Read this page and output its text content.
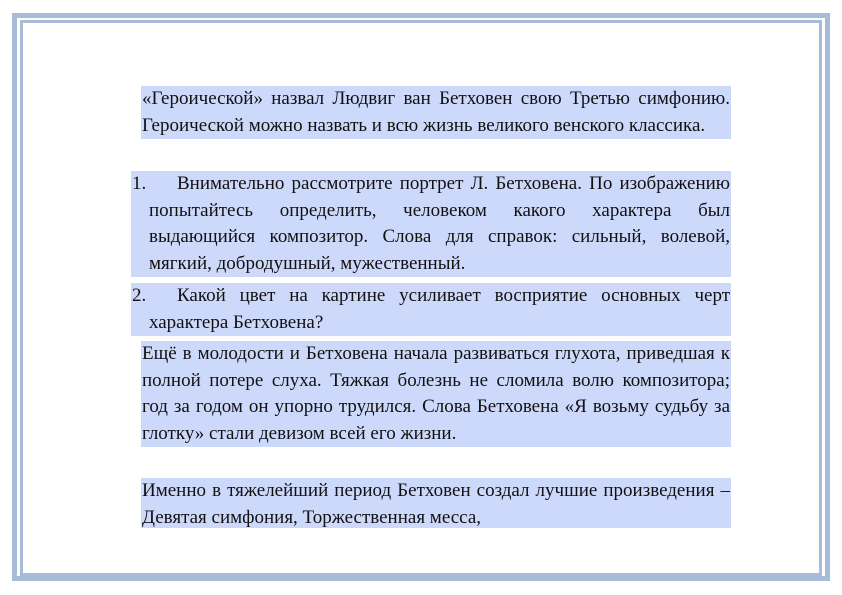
«Героической» назвал Людвиг ван Бетховен свою Третью симфонию. Героической можно назвать и всю жизнь великого венского классика.
1.	Внимательно рассмотрите портрет Л. Бетховена. По изображению попытайтесь определить, человеком какого характера был выдающийся композитор. Слова для справок: сильный, волевой, мягкий, добродушный, мужественный.
2.	Какой цвет на картине усиливает восприятие основных черт характера Бетховена?
Ещё в молодости и Бетховена начала развиваться глухота, приведшая к полной потере слуха. Тяжкая болезнь не сломила волю композитора; год за годом он упорно трудился. Слова Бетховена «Я возьму судьбу за глотку» стали девизом всей его жизни.
Именно в тяжелейший период Бетховен создал лучшие произведения – Девятая симфония, Торжественная месса,
